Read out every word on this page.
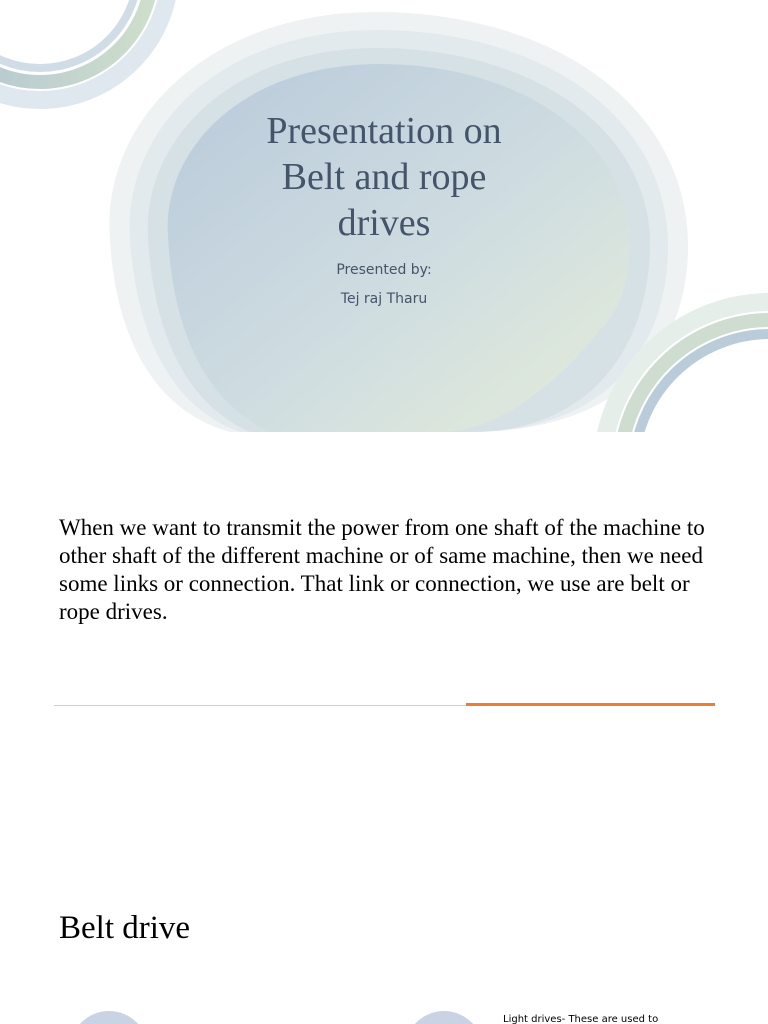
Presentation on
Belt and rope
drives
Presented by:
Tej raj Tharu

When we want to transmit the power from one shaft of the machine to other shaft of the different machine or of same machine, then we need some links or connection. That link or connection, we use are belt or rope drives.

Belt drive

Light drives- These are used to
